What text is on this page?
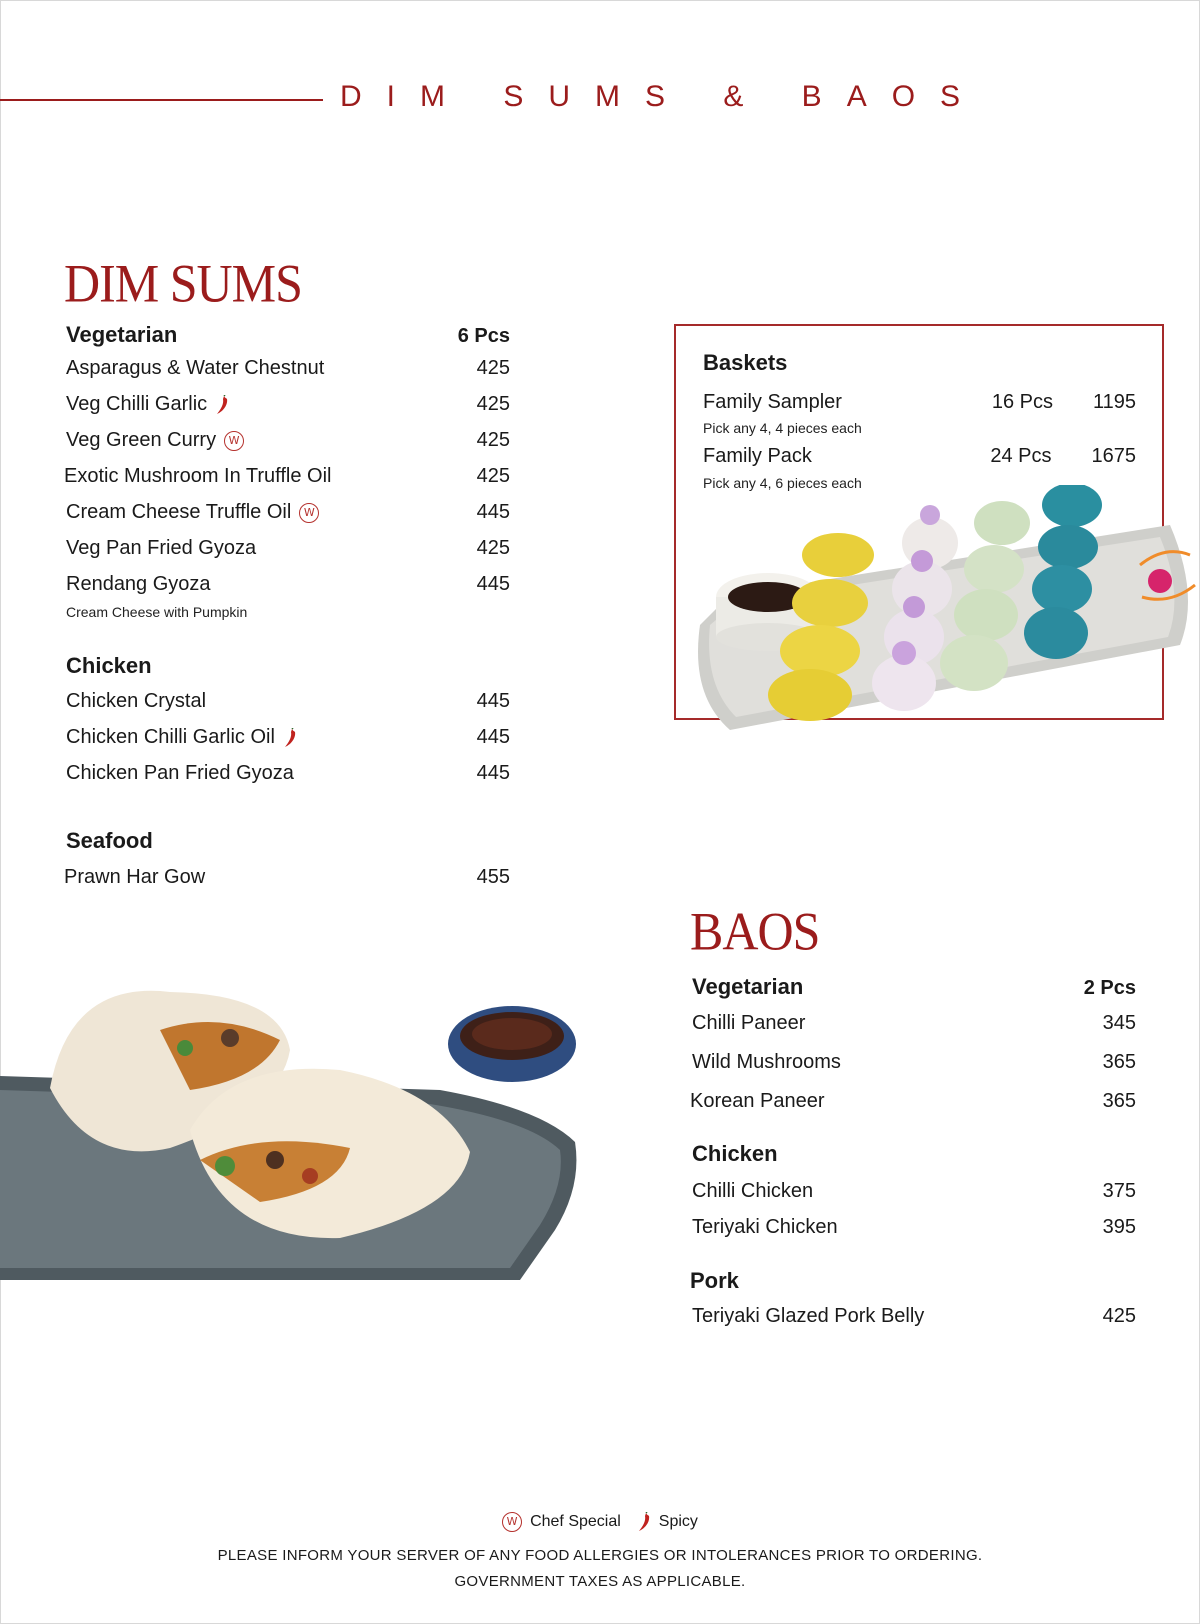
DIM SUMS & BAOS
DIM SUMS
Vegetarian	6 Pcs
Asparagus & Water Chestnut	425
Veg Chilli Garlic	425
Veg Green Curry	W	425
Exotic Mushroom In Truffle Oil	425
Cream Cheese Truffle Oil	W	445
Veg Pan Fried Gyoza	425
Rendang Gyoza	445
Cream Cheese with Pumpkin
Chicken
Chicken Crystal	445
Chicken Chilli Garlic Oil	445
Chicken Pan Fried Gyoza	445
Seafood
Prawn Har Gow	455
Baskets
Family Sampler	16 Pcs 1195
Pick any 4, 4 pieces each
Family Pack	24 Pcs 1675
Pick any 4, 6 pieces each
BAOS
Vegetarian	2 Pcs
Chilli Paneer	345
Wild Mushrooms	365
Korean Paneer	365
Chicken
Chilli Chicken	375
Teriyaki Chicken	395
Pork
Teriyaki Glazed Pork Belly	425
W Chef Special Spicy
PLEASE INFORM YOUR SERVER OF ANY FOOD ALLERGIES OR INTOLERANCES PRIOR TO ORDERING.
GOVERNMENT TAXES AS APPLICABLE.
